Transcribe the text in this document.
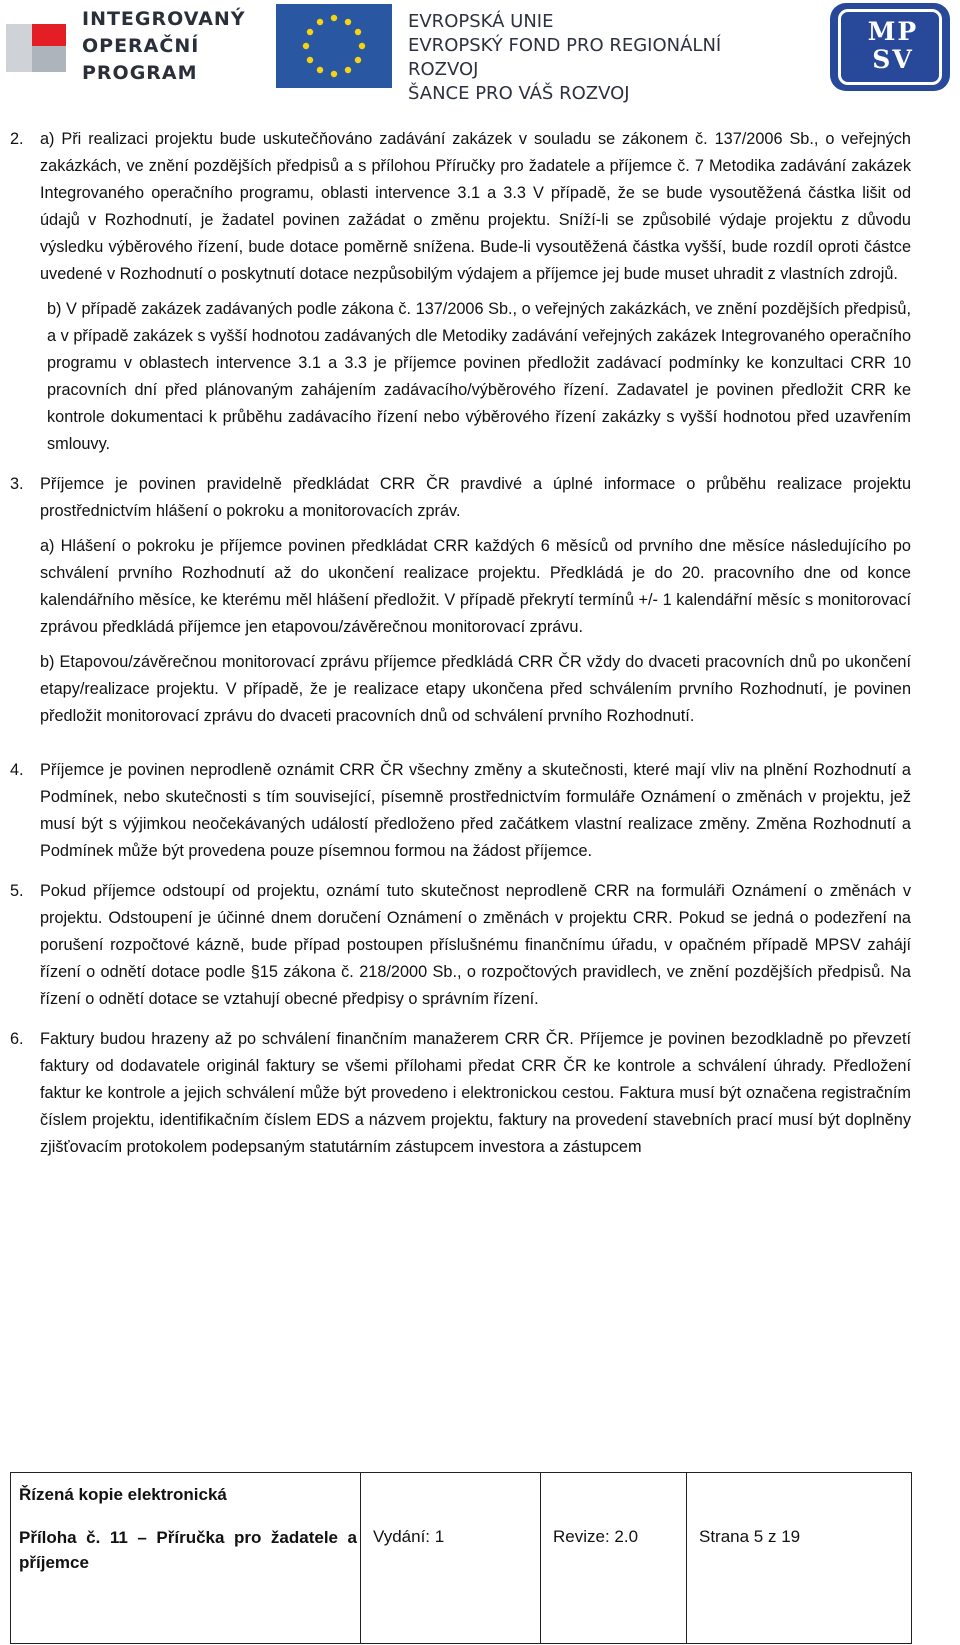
INTEGROVANÝ
OPERAČNÍ
PROGRAM
EVROPSKÁ UNIE
EVROPSKÝ FOND PRO REGIONÁLNÍ ROZVOJ
ŠANCE PRO VÁŠ ROZVOJ
MP
SV
2.	a) Při realizaci projektu bude uskutečňováno zadávání zakázek v souladu se zákonem č. 137/2006 Sb., o veřejných zakázkách, ve znění pozdějších předpisů a s přílohou Příručky pro žadatele a příjemce č. 7 Metodika zadávání zakázek Integrovaného operačního programu, oblasti intervence 3.1 a 3.3 V případě, že se bude vysoutěžená částka lišit od údajů v Rozhodnutí, je žadatel povinen zažádat o změnu projektu. Sníží-li se způsobilé výdaje projektu z důvodu výsledku výběrového řízení, bude dotace poměrně snížena. Bude-li vysoutěžená částka vyšší, bude rozdíl oproti částce uvedené v Rozhodnutí o poskytnutí dotace nezpůsobilým výdajem a příjemce jej bude muset uhradit z vlastních zdrojů.
b) V případě zakázek zadávaných podle zákona č. 137/2006 Sb., o veřejných zakázkách, ve znění pozdějších předpisů, a v případě zakázek s vyšší hodnotou zadávaných dle Metodiky zadávání veřejných zakázek Integrovaného operačního programu v oblastech intervence 3.1 a 3.3 je příjemce povinen předložit zadávací podmínky ke konzultaci CRR 10 pracovních dní před plánovaným zahájením zadávacího/výběrového řízení. Zadavatel je povinen předložit CRR ke kontrole dokumentaci k průběhu zadávacího řízení nebo výběrového řízení zakázky s vyšší hodnotou před uzavřením smlouvy.
3.	Příjemce je povinen pravidelně předkládat CRR ČR pravdivé a úplné informace o průběhu realizace projektu prostřednictvím hlášení o pokroku a monitorovacích zpráv.
a) Hlášení o pokroku je příjemce povinen předkládat CRR každých 6 měsíců od prvního dne měsíce následujícího po schválení prvního Rozhodnutí až do ukončení realizace projektu. Předkládá je do 20. pracovního dne od konce kalendářního měsíce, ke kterému měl hlášení předložit. V případě překrytí termínů +/- 1 kalendářní měsíc s monitorovací zprávou předkládá příjemce jen etapovou/závěrečnou monitorovací zprávu.
b) Etapovou/závěrečnou monitorovací zprávu příjemce předkládá CRR ČR vždy do dvaceti pracovních dnů po ukončení etapy/realizace projektu. V případě, že je realizace etapy ukončena před schválením prvního Rozhodnutí, je povinen předložit monitorovací zprávu do dvaceti pracovních dnů od schválení prvního Rozhodnutí.
4.	Příjemce je povinen neprodleně oznámit CRR ČR všechny změny a skutečnosti, které mají vliv na plnění Rozhodnutí a Podmínek, nebo skutečnosti s tím související, písemně prostřednictvím formuláře Oznámení o změnách v projektu, jež musí být s výjimkou neočekávaných událostí předloženo před začátkem vlastní realizace změny. Změna Rozhodnutí a Podmínek může být provedena pouze písemnou formou na žádost příjemce.
5.	Pokud příjemce odstoupí od projektu, oznámí tuto skutečnost neprodleně CRR na formuláři Oznámení o změnách v projektu. Odstoupení je účinné dnem doručení Oznámení o změnách v projektu CRR. Pokud se jedná o podezření na porušení rozpočtové kázně, bude případ postoupen příslušnému finančnímu úřadu, v opačném případě MPSV zahájí řízení o odnětí dotace podle §15 zákona č. 218/2000 Sb., o rozpočtových pravidlech, ve znění pozdějších předpisů. Na řízení o odnětí dotace se vztahují obecné předpisy o správním řízení.
6.	Faktury budou hrazeny až po schválení finančním manažerem CRR ČR. Příjemce je povinen bezodkladně po převzetí faktury od dodavatele originál faktury se všemi přílohami předat CRR ČR ke kontrole a schválení úhrady. Předložení faktur ke kontrole a jejich schválení může být provedeno i elektronickou cestou. Faktura musí být označena registračním číslem projektu, identifikačním číslem EDS a názvem projektu, faktury na provedení stavebních prací musí být doplněny zjišťovacím protokolem podepsaným statutárním zástupcem investora a zástupcem
Řízená kopie elektronická
Příloha č. 11 – Příručka pro žadatele a příjemce
Vydání: 1	Revize: 2.0	Strana 5 z 19
